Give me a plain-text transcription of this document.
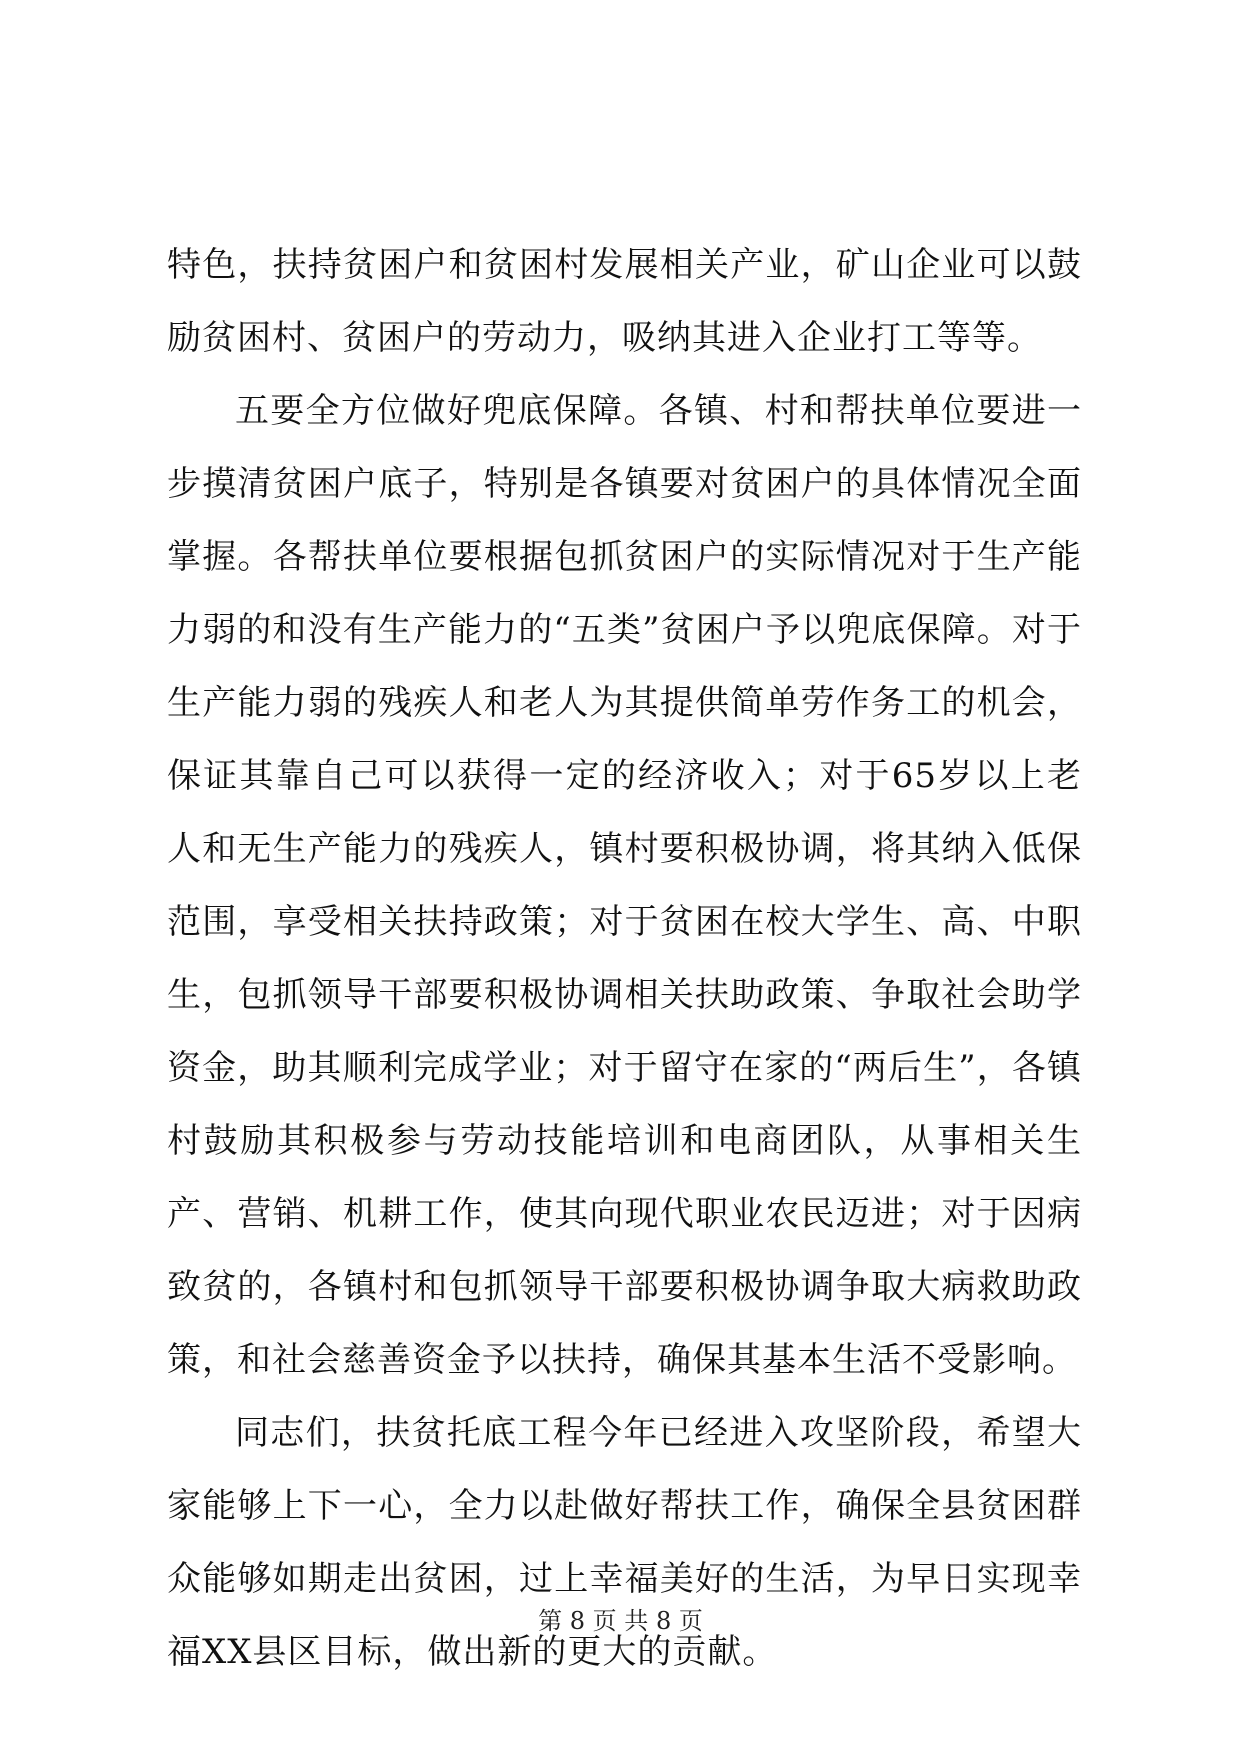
特色，扶持贫困户和贫困村发展相关产业，矿山企业可以鼓励贫困村、贫困户的劳动力，吸纳其进入企业打工等等。

五要全方位做好兜底保障。各镇、村和帮扶单位要进一步摸清贫困户底子，特别是各镇要对贫困户的具体情况全面掌握。各帮扶单位要根据包抓贫困户的实际情况对于生产能力弱的和没有生产能力的“五类”贫困户予以兜底保障。对于生产能力弱的残疾人和老人为其提供简单劳作务工的机会，保证其靠自己可以获得一定的经济收入；对于65岁以上老人和无生产能力的残疾人，镇村要积极协调，将其纳入低保范围，享受相关扶持政策；对于贫困在校大学生、高、中职生，包抓领导干部要积极协调相关扶助政策、争取社会助学资金，助其顺利完成学业；对于留守在家的“两后生”，各镇村鼓励其积极参与劳动技能培训和电商团队，从事相关生产、营销、机耕工作，使其向现代职业农民迈进；对于因病致贫的，各镇村和包抓领导干部要积极协调争取大病救助政策，和社会慈善资金予以扶持，确保其基本生活不受影响。

同志们，扶贫托底工程今年已经进入攻坚阶段，希望大家能够上下一心，全力以赴做好帮扶工作，确保全县贫困群众能够如期走出贫困，过上幸福美好的生活，为早日实现幸福XX县区目标，做出新的更大的贡献。

第 8 页 共 8 页
